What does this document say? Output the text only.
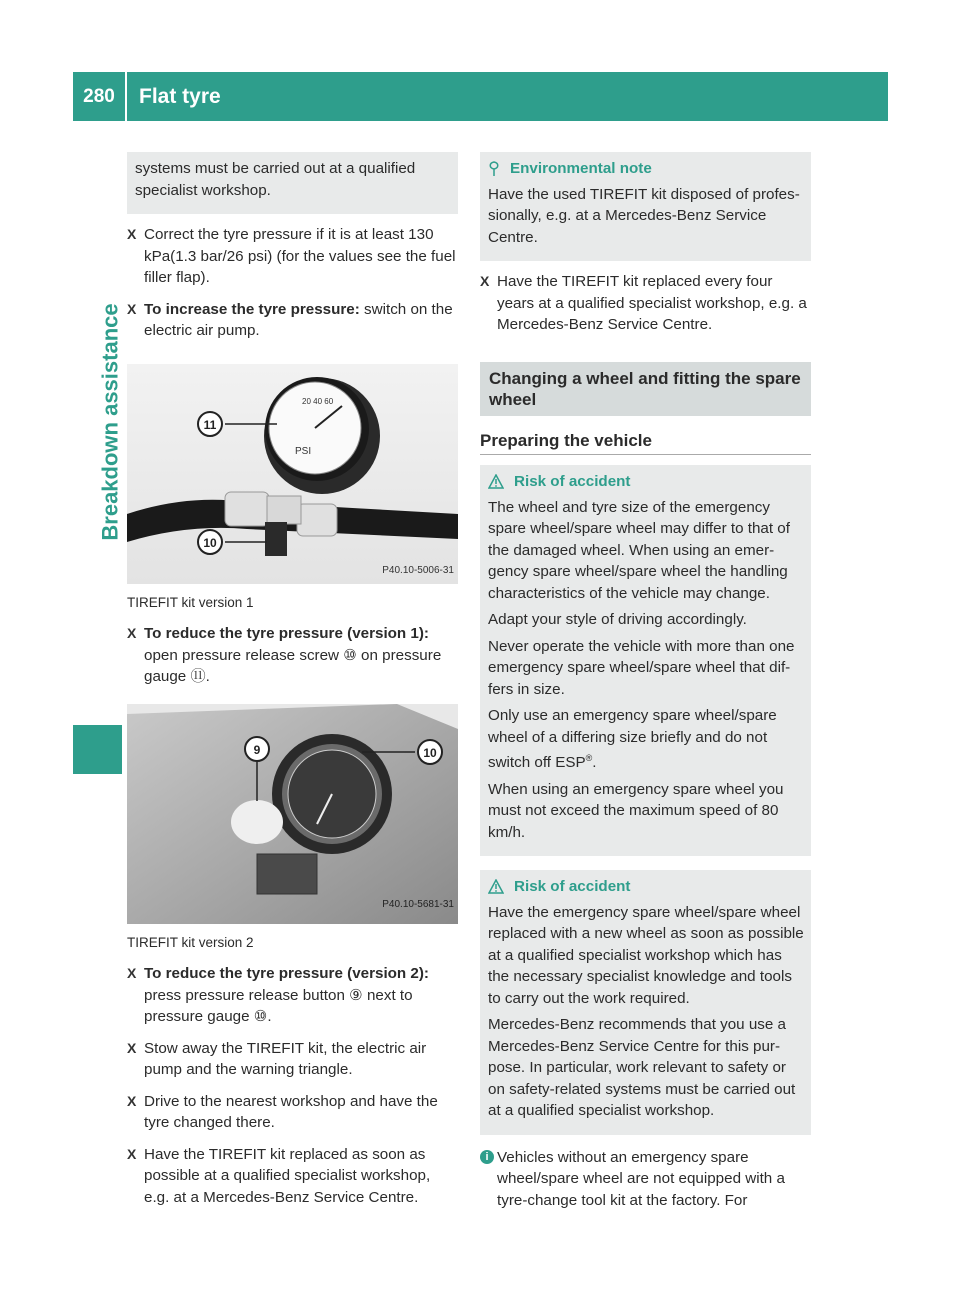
280	Flat tyre
Breakdown assistance

systems must be carried out at a qualified specialist workshop.

X Correct the tyre pressure if it is at least 130 kPa(1.3 bar/26 psi) (for the values see the fuel filler flap).

X To increase the tyre pressure: switch on the electric air pump.

PSI
20 40 60
11
10
P40.10-5006-31

TIREFIT kit version 1

X To reduce the tyre pressure (version 1): open pressure release screw ⑩ on pressure gauge ⑪.

9	10
P40.10-5681-31

TIREFIT kit version 2

X To reduce the tyre pressure (version 2): press pressure release button ⑨ next to pressure gauge ⑩.

X Stow away the TIREFIT kit, the electric air pump and the warning triangle.

X Drive to the nearest workshop and have the tyre changed there.

X Have the TIREFIT kit replaced as soon as possible at a qualified specialist workshop, e.g. at a Mercedes-Benz Service Centre.

Environmental note

Have the used TIREFIT kit disposed of profes- sionally, e.g. at a Mercedes-Benz Service Centre.

X Have the TIREFIT kit replaced every four years at a qualified specialist workshop, e.g. a Mercedes-Benz Service Centre.

Changing a wheel and fitting the spare wheel
Preparing the vehicle
Risk of accident

The wheel and tyre size of the emergency spare wheel/spare wheel may differ to that of the damaged wheel. When using an emer- gency spare wheel/spare wheel the handling characteristics of the vehicle may change.

Adapt your style of driving accordingly.

Never operate the vehicle with more than one emergency spare wheel/spare wheel that dif- fers in size.

Only use an emergency spare wheel/spare wheel of a differing size briefly and do not switch off ESP®.

When using an emergency spare wheel you must not exceed the maximum speed of 80 km/h.

Risk of accident

Have the emergency spare wheel/spare wheel replaced with a new wheel as soon as possible at a qualified specialist workshop which has the necessary specialist knowledge and tools to carry out the work required.

Mercedes-Benz recommends that you use a Mercedes-Benz Service Centre for this pur- pose. In particular, work relevant to safety or on safety-related systems must be carried out at a qualified specialist workshop.

i Vehicles without an emergency spare wheel/spare wheel are not equipped with a tyre-change tool kit at the factory. For
